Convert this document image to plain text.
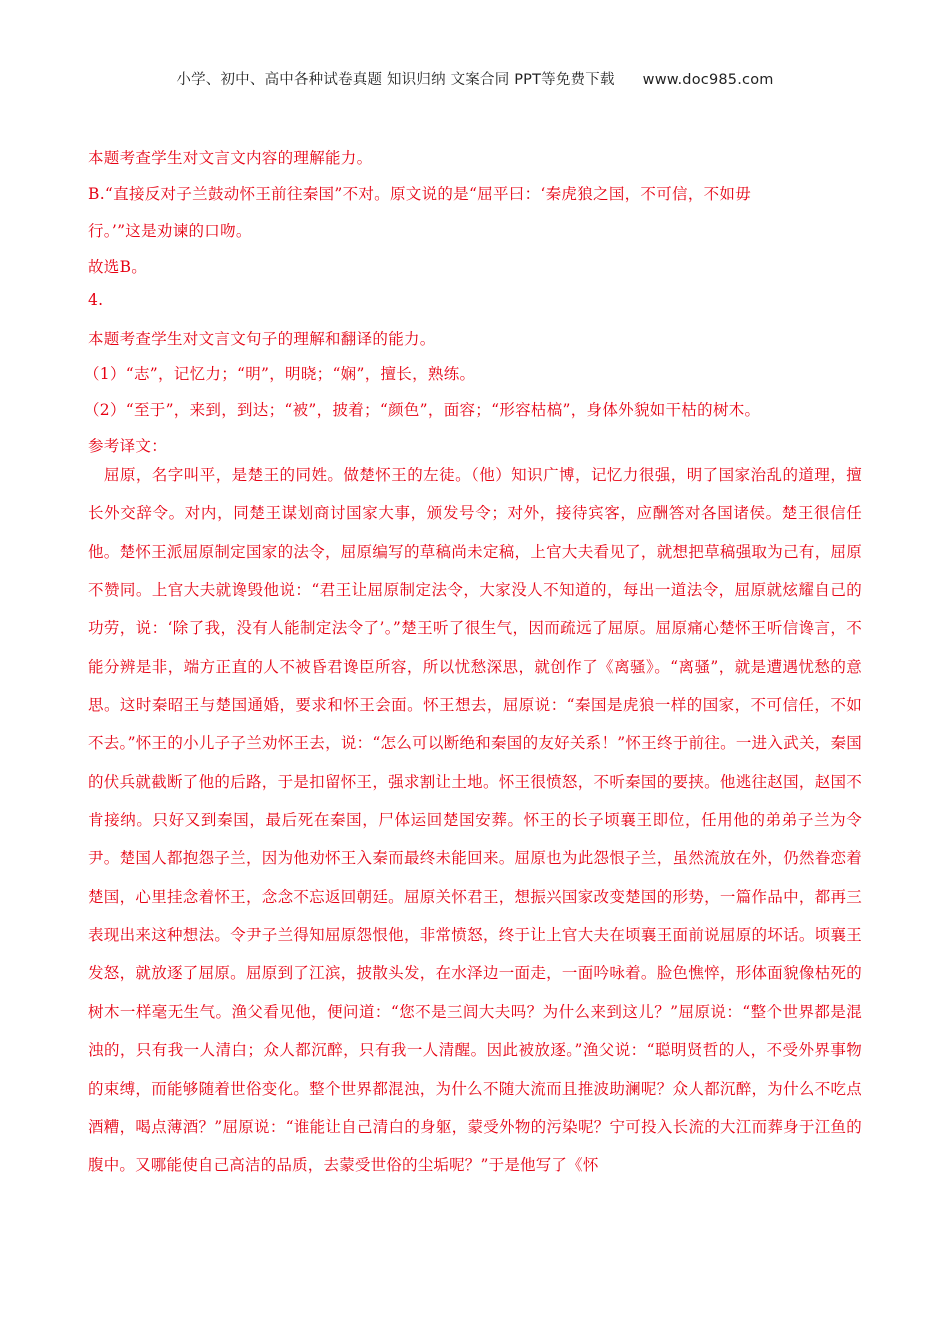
小学、初中、高中各种试卷真题 知识归纳 文案合同 PPT等免费下载 www.doc985.com
本题考查学生对文言文内容的理解能力。
B.“直接反对子兰鼓动怀王前往秦国”不对。原文说的是“屈平曰：‘秦虎狼之国，不可信，不如毋
行。’”这是劝谏的口吻。
故选B。
4.
本题考查学生对文言文句子的理解和翻译的能力。
（1）“志”，记忆力；“明”，明晓；“娴”，擅长，熟练。
（2）“至于”，来到，到达；“被”，披着；“颜色”，面容；“形容枯槁”，身体外貌如干枯的树木。
参考译文：
屈原，名字叫平，是楚王的同姓。做楚怀王的左徒。（他）知识广博，记忆力很强，明了国家治乱的道理，擅长外交辞令。对内，同楚王谋划商讨国家大事，颁发号令；对外，接待宾客，应酬答对各国诸侯。楚王很信任他。楚怀王派屈原制定国家的法令，屈原编写的草稿尚未定稿，上官大夫看见了，就想把草稿强取为己有，屈原不赞同。上官大夫就谗毁他说：“君王让屈原制定法令，大家没人不知道的，每出一道法令，屈原就炫耀自己的功劳，说：‘除了我，没有人能制定法令了’。”楚王听了很生气，因而疏远了屈原。屈原痛心楚怀王听信谗言，不能分辨是非，端方正直的人不被昏君谗臣所容，所以忧愁深思，就创作了《离骚》。“离骚”，就是遭遇忧愁的意思。这时秦昭王与楚国通婚，要求和怀王会面。怀王想去，屈原说：“秦国是虎狼一样的国家，不可信任，不如不去。”怀王的小儿子子兰劝怀王去，说：“怎么可以断绝和秦国的友好关系！”怀王终于前往。一进入武关，秦国的伏兵就截断了他的后路，于是扣留怀王，强求割让土地。怀王很愤怒，不听秦国的要挟。他逃往赵国，赵国不肯接纳。只好又到秦国，最后死在秦国，尸体运回楚国安葬。怀王的长子顷襄王即位，任用他的弟弟子兰为令尹。楚国人都抱怨子兰，因为他劝怀王入秦而最终未能回来。屈原也为此怨恨子兰，虽然流放在外，仍然眷恋着楚国，心里挂念着怀王，念念不忘返回朝廷。屈原关怀君王，想振兴国家改变楚国的形势，一篇作品中，都再三表现出来这种想法。令尹子兰得知屈原怨恨他，非常愤怒，终于让上官大夫在顷襄王面前说屈原的坏话。顷襄王发怒，就放逐了屈原。屈原到了江滨，披散头发，在水泽边一面走，一面吟咏着。脸色憔悴，形体面貌像枯死的树木一样毫无生气。渔父看见他，便问道：“您不是三闾大夫吗？为什么来到这儿？”屈原说：“整个世界都是混浊的，只有我一人清白；众人都沉醉，只有我一人清醒。因此被放逐。”渔父说：“聪明贤哲的人，不受外界事物的束缚，而能够随着世俗变化。整个世界都混浊，为什么不随大流而且推波助澜呢？众人都沉醉，为什么不吃点酒糟，喝点薄酒？”屈原说：“谁能让自己清白的身躯，蒙受外物的污染呢？宁可投入长流的大江而葬身于江鱼的腹中。又哪能使自己高洁的品质，去蒙受世俗的尘垢呢？”于是他写了《怀
